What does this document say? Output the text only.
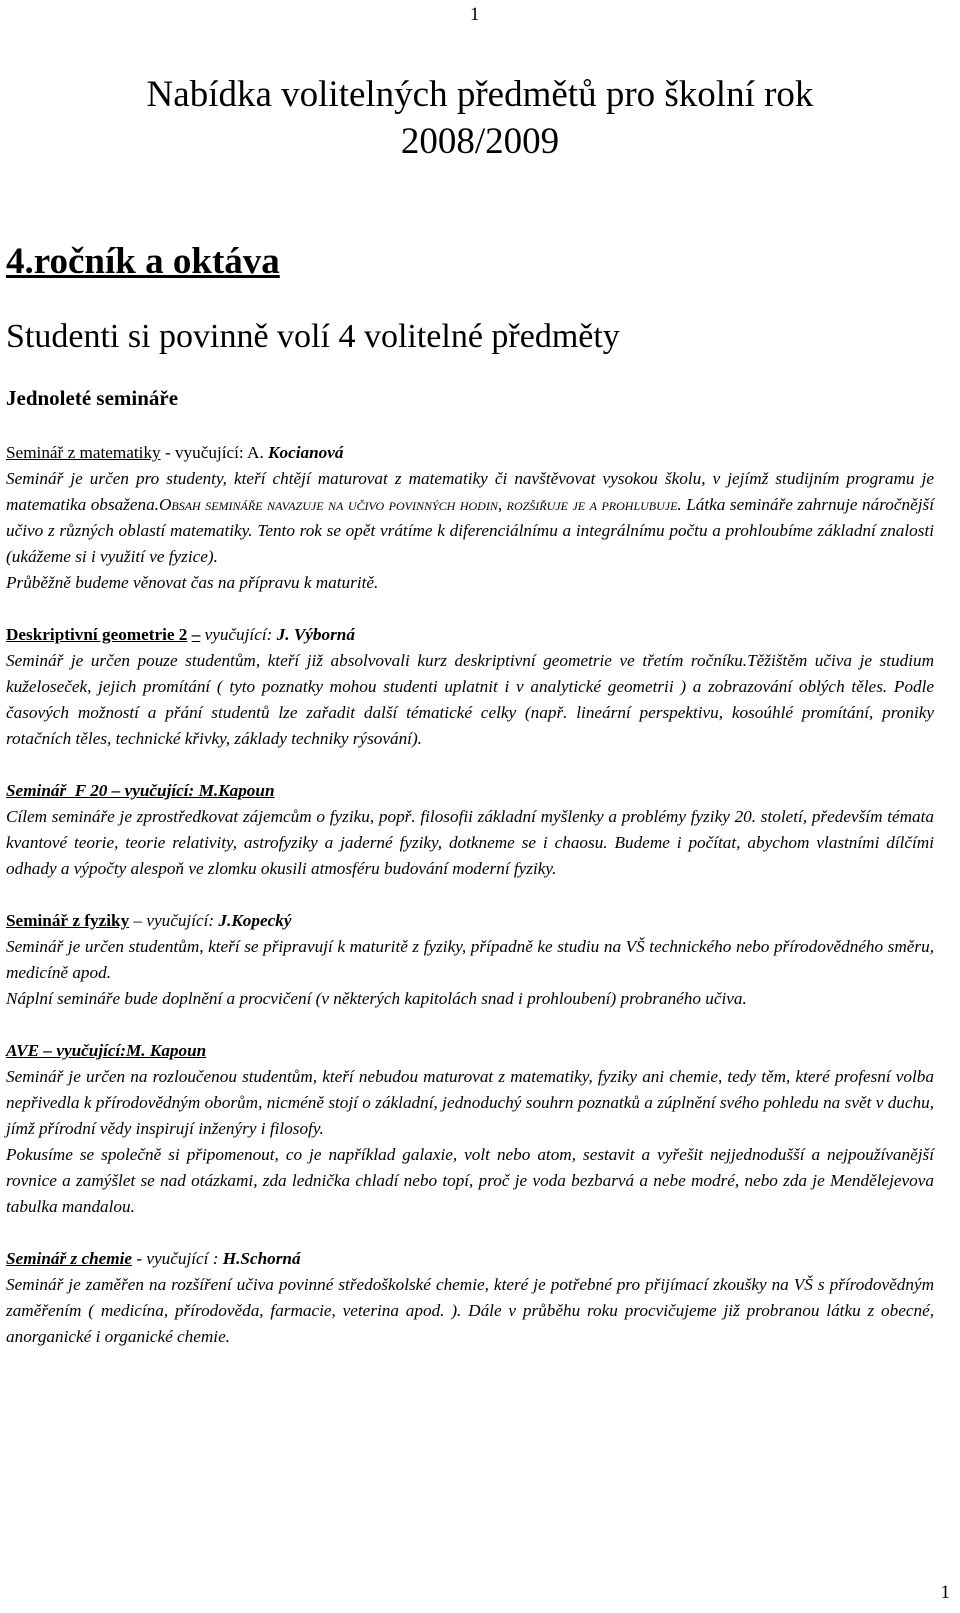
1
Nabídka volitelných předmětů pro školní rok
2008/2009
4.ročník a oktáva
Studenti si povinně volí 4 volitelné předměty
Jednoleté semináře

Seminář z matematiky - vyučující: A. Kocianová

Seminář je určen pro studenty, kteří chtějí maturovat z matematiky či navštěvovat vysokou školu, v jejímž studijním programu je matematika obsažena.Obsah semináře navazuje na učivo povinných hodin, rozšiřuje je a prohlubuje. Látka semináře zahrnuje náročnější učivo z různých oblastí matematiky. Tento rok se opět vrátíme k diferenciálnímu a integrálnímu počtu a prohloubíme základní znalosti (ukážeme si i využití ve fyzice).

Průběžně budeme věnovat čas na přípravu k maturitě.

Deskriptivní geometrie 2 – vyučující: J. Výborná

Seminář je určen pouze studentům, kteří již absolvovali kurz deskriptivní geometrie ve třetím ročníku.Těžištěm učiva je studium kuželoseček, jejich promítání ( tyto poznatky mohou studenti uplatnit i v analytické geometrii ) a zobrazování oblých těles. Podle časových možností a přání studentů lze zařadit další tématické celky (např. lineární perspektivu, kosoúhlé promítání, proniky rotačních těles, technické křivky, základy techniky rýsování).

Seminář  F 20 – vyučující: M.Kapoun

Cílem semináře je zprostředkovat zájemcům o fyziku, popř. filosofii základní myšlenky a problémy fyziky 20. století, především témata kvantové teorie, teorie relativity, astrofyziky a jaderné fyziky, dotkneme se i chaosu. Budeme i počítat, abychom vlastními dílčími odhady a výpočty alespoň ve zlomku okusili atmosféru budování moderní fyziky.

Seminář z fyziky – vyučující: J.Kopecký

Seminář je určen studentům, kteří se připravují k maturitě z fyziky, případně ke studiu na VŠ technického nebo přírodovědného směru, medicíně apod.

Náplní semináře bude doplnění a procvičení (v některých kapitolách snad i prohloubení) probraného učiva.

AVE – vyučující:M. Kapoun

Seminář je určen na rozloučenou studentům, kteří nebudou maturovat z matematiky, fyziky ani chemie, tedy těm, které profesní volba nepřivedla k přírodovědným oborům, nicméně stojí o základní, jednoduchý souhrn poznatků a zúplnění svého pohledu na svět v duchu, jímž přírodní vědy inspirují inženýry i filosofy.

Pokusíme se společně si připomenout, co je například galaxie, volt nebo atom, sestavit a vyřešit nejjednodušší a nejpoužívanější rovnice a zamýšlet se nad otázkami, zda lednička chladí nebo topí, proč je voda bezbarvá a nebe modré, nebo zda je Mendělejevova tabulka mandalou.

Seminář z chemie - vyučující : H.Schorná

Seminář je zaměřen na rozšíření učiva povinné středoškolské chemie, které je potřebné pro přijímací zkoušky na VŠ s přírodovědným zaměřením ( medicína, přírodověda, farmacie, veterina apod. ). Dále v průběhu roku procvičujeme již probranou látku z obecné, anorganické i organické chemie.

1
